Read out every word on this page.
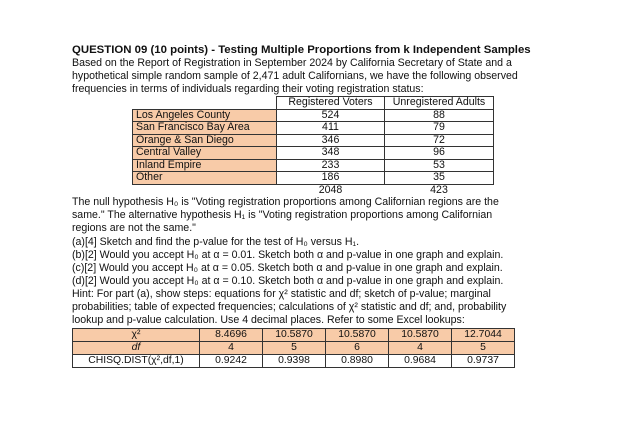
QUESTION 09 (10 points) - Testing Multiple Proportions from k Independent Samples

Based on the Report of Registration in September 2024 by California Secretary of State and a

hypothetical simple random sample of 2,471 adult Californians, we have the following observed

frequencies in terms of individuals regarding their voting registration status:

	Registered Voters	Unregistered Adults
Los Angeles County	524	88
San Francisco Bay Area	411	79
Orange & San Diego	346	72
Central Valley	348	96
Inland Empire	233	53
Other	186	35
	2048	423

The null hypothesis H₀ is "Voting registration proportions among Californian regions are the

same." The alternative hypothesis H₁ is "Voting registration proportions among Californian

regions are not the same."

(a)[4] Sketch and find the p-value for the test of H₀ versus H₁.

(b)[2] Would you accept H₀ at α = 0.01. Sketch both α and p-value in one graph and explain.

(c)[2] Would you accept H₀ at α = 0.05. Sketch both α and p-value in one graph and explain.

(d)[2] Would you accept H₀ at α = 0.10. Sketch both α and p-value in one graph and explain.

Hint: For part (a), show steps: equations for χ² statistic and df; sketch of p-value; marginal

probabilities; table of expected frequencies; calculations of χ² statistic and df; and, probability

lookup and p-value calculation. Use 4 decimal places. Refer to some Excel lookups:

χ²	8.4696	10.5870	10.5870	10.5870	12.7044
df	4	5	6	4	5
CHISQ.DIST(χ²,df,1)	0.9242	0.9398	0.8980	0.9684	0.9737
